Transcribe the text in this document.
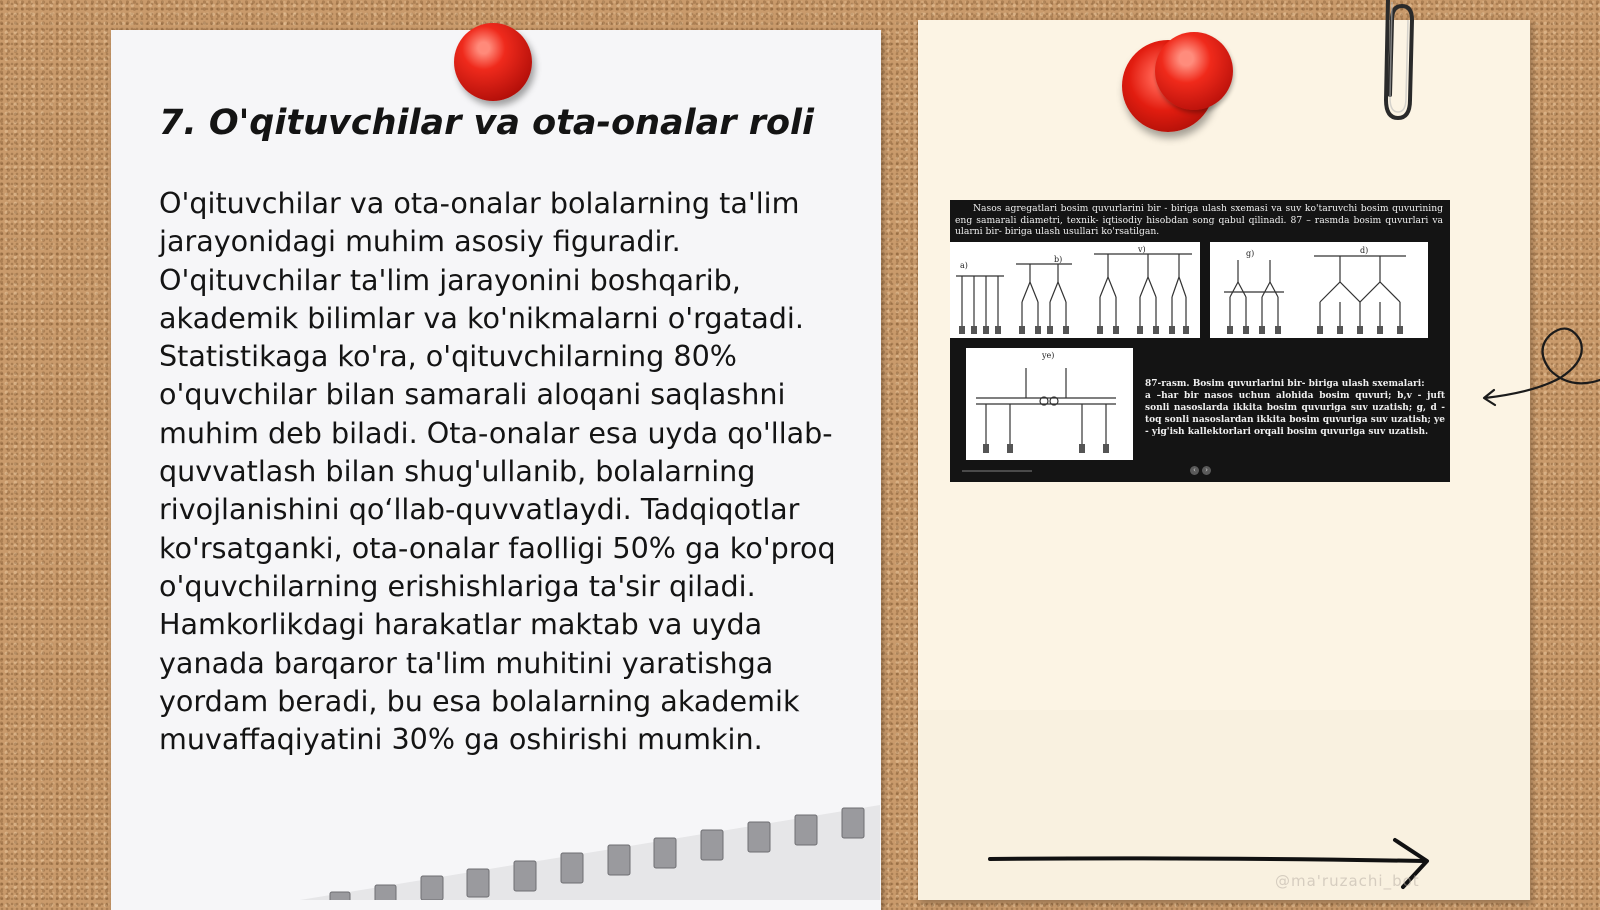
7. O'qituvchilar va ota-onalar roli
O'qituvchilar va ota-onalar bolalarning ta'lim jarayonidagi muhim asosiy figuradir. O'qituvchilar ta'lim jarayonini boshqarib, akademik bilimlar va ko'nikmalarni o'rgatadi. Statistikaga ko'ra, o'qituvchilarning 80% o'quvchilar bilan samarali aloqani saqlashni muhim deb biladi. Ota-onalar esa uyda qo'llab-quvvatlash bilan shug'ullanib, bolalarning rivojlanishini qo‘llab-quvvatlaydi. Tadqiqotlar ko'rsatganki, ota-onalar faolligi 50% ga ko'proq o'quvchilarning erishishlariga ta'sir qiladi. Hamkorlikdagi harakatlar maktab va uyda yanada barqaror ta'lim muhitini yaratishga yordam beradi, bu esa bolalarning akademik muvaffaqiyatini 30% ga oshirishi mumkin.
Nasos agregatlari bosim quvurlarini bir - biriga ulash sxemasi va suv ko'taruvchi bosim quvurining eng samarali diametri, texnik- iqtisodiy hisobdan song qabul qilinadi. 87 – rasmda bosim quvurlari va ularni bir- biriga ulash usullari ko'rsatilgan.
a)
b)
v)	g)	d)
ye)
87-rasm. Bosim quvurlarini bir- biriga ulash sxemalari:
a –har bir nasos uchun alohida bosim quvuri; b,v - juft sonli nasoslarda ikkita bosim quvuriga suv uzatish; g, d - toq sonli nasoslardan ikkita bosim quvuriga suv uzatish; ye - yig'ish kallektorlari orqali bosim quvuriga suv uzatish.
‹	›
@ma'ruzachi_bot
